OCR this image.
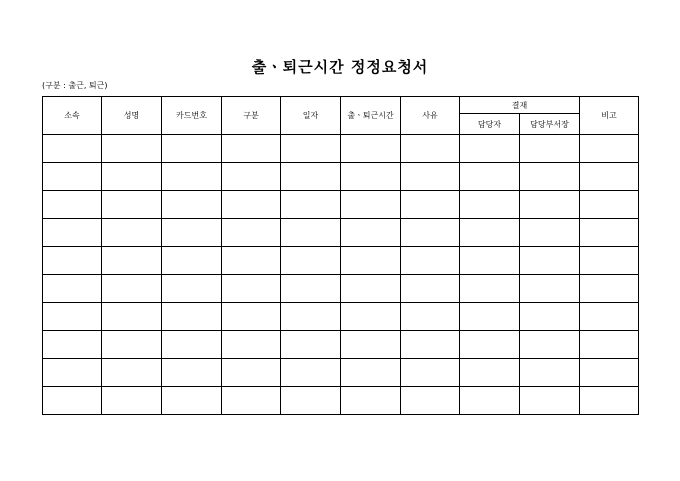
출ㆍ퇴근시간 정정요청서
(구분 : 출근, 퇴근)
소속	성명	카드번호	구분	일자	출ㆍ퇴근시간	사유	결재		비고
							담당자	담당부서장	
